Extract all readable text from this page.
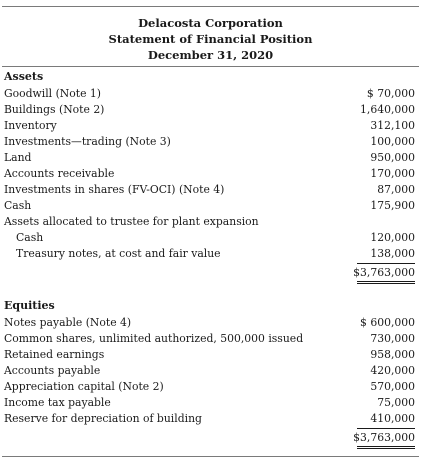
Delacosta Corporation
Statement of Financial Position
December 31, 2020
Assets
Goodwill (Note 1)	$ 70,000
Buildings (Note 2)	1,640,000
Inventory	312,100
Investments—trading (Note 3)	100,000
Land	950,000
Accounts receivable	170,000
Investments in shares (FV-OCI) (Note 4)	87,000
Cash	175,900
Assets allocated to trustee for plant expansion
Cash	120,000
Treasury notes, at cost and fair value	138,000
$3,763,000
Equities
Notes payable (Note 4)	$ 600,000
Common shares, unlimited authorized, 500,000 issued	730,000
Retained earnings	958,000
Accounts payable	420,000
Appreciation capital (Note 2)	570,000
Income tax payable	75,000
Reserve for depreciation of building	410,000
$3,763,000
